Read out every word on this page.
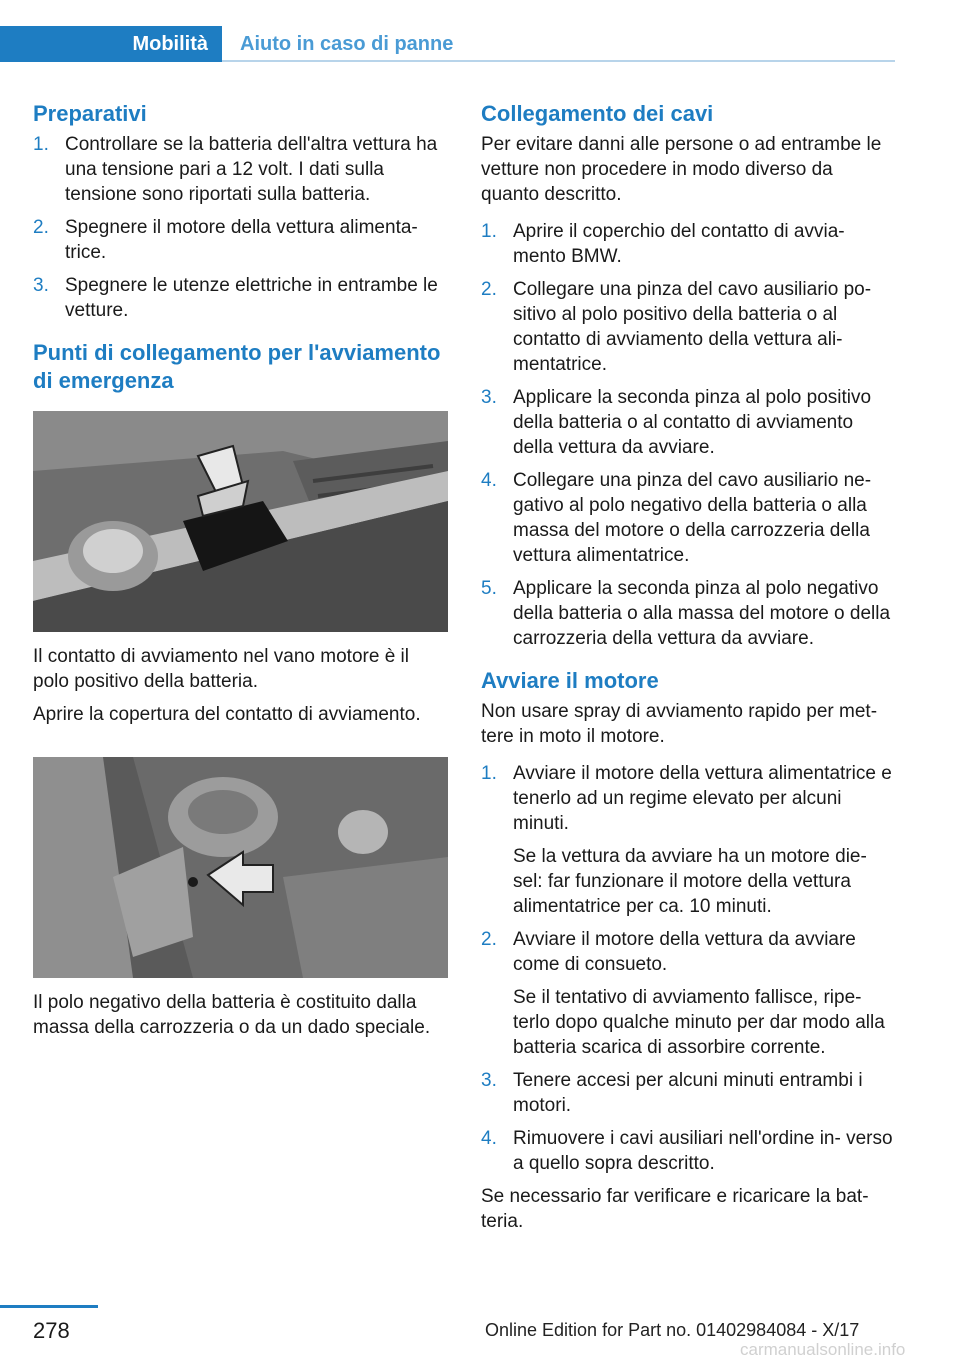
Mobilità	Aiuto in caso di panne
Preparativi
1. Controllare se la batteria dell'altra vettura ha una tensione pari a 12 volt. I dati sulla tensione sono riportati sulla batteria.
2. Spegnere il motore della vettura alimenta‐ trice.
3. Spegnere le utenze elettriche in entrambe le vetture.
Punti di collegamento per l'avviamento di emergenza

Il contatto di avviamento nel vano motore è il polo positivo della batteria.

Aprire la copertura del contatto di avviamento.

Il polo negativo della batteria è costituito dalla massa della carrozzeria o da un dado speciale.

Collegamento dei cavi

Per evitare danni alle persone o ad entrambe le vetture non procedere in modo diverso da quanto descritto.

1. Aprire il coperchio del contatto di avvia‐ mento BMW.
2. Collegare una pinza del cavo ausiliario po‐ sitivo al polo positivo della batteria o al contatto di avviamento della vettura ali‐ mentatrice.
3. Applicare la seconda pinza al polo positivo della batteria o al contatto di avviamento della vettura da avviare.
4. Collegare una pinza del cavo ausiliario ne‐ gativo al polo negativo della batteria o alla massa del motore o della carrozzeria della vettura alimentatrice.
5. Applicare la seconda pinza al polo negativo della batteria o alla massa del motore o della carrozzeria della vettura da avviare.
Avviare il motore

Non usare spray di avviamento rapido per met‐ tere in moto il motore.

1. Avviare il motore della vettura alimentatrice e tenerlo ad un regime elevato per alcuni minuti.
Se la vettura da avviare ha un motore die‐ sel: far funzionare il motore della vettura alimentatrice per ca. 10 minuti.
2. Avviare il motore della vettura da avviare come di consueto.
Se il tentativo di avviamento fallisce, ripe‐ terlo dopo qualche minuto per dar modo alla batteria scarica di assorbire corrente.
3. Tenere accesi per alcuni minuti entrambi i motori.
4. Rimuovere i cavi ausiliari nell'ordine in‐ verso a quello sopra descritto.

Se necessario far verificare e ricaricare la bat‐ teria.

278	Online Edition for Part no. 01402984084 - X/17
carmanualsonline.info
